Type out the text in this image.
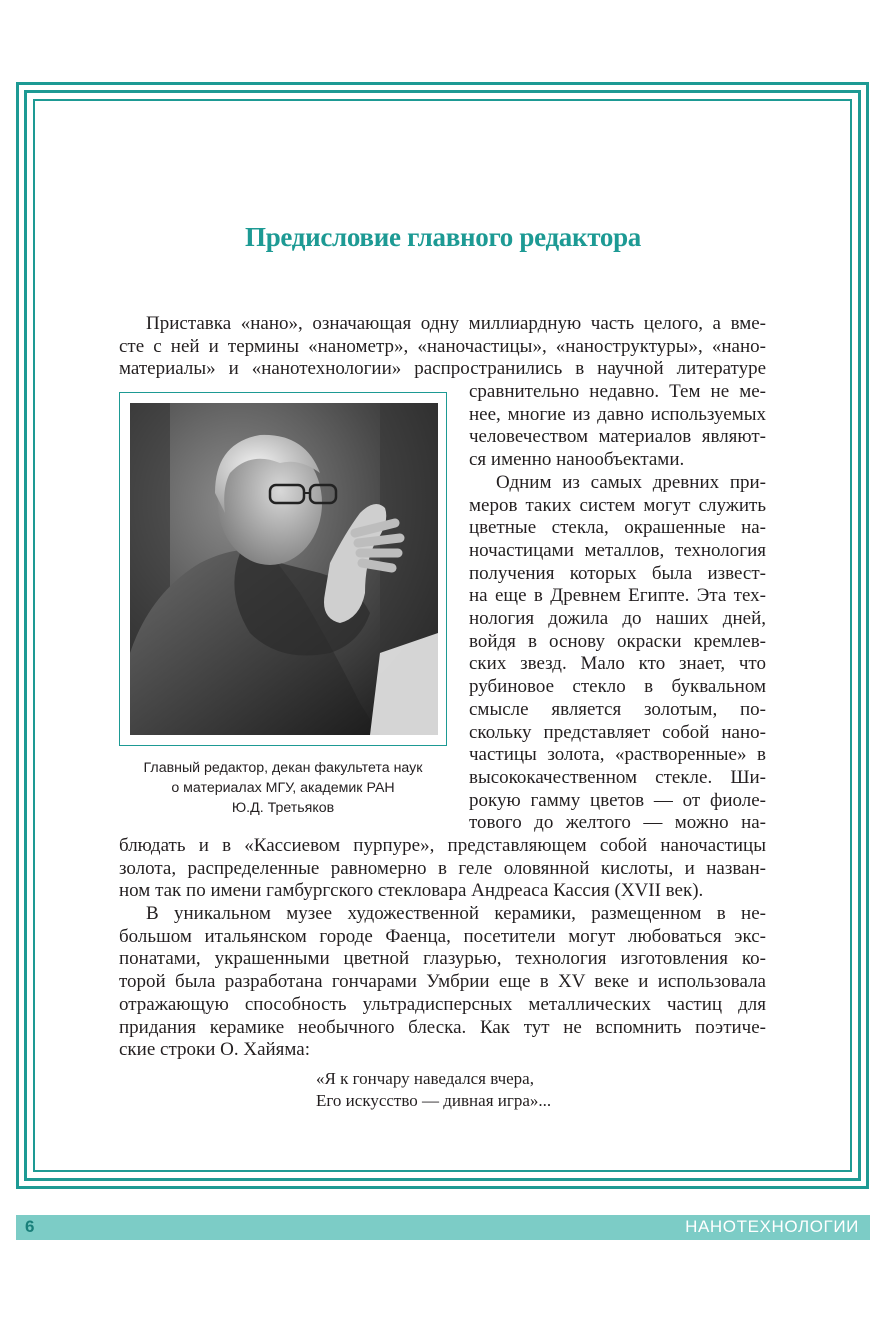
Предисловие главного редактора
Приставка «нано», означающая одну миллиардную часть целого, а вме-
сте с ней и термины «нанометр», «наночастицы», «наноструктуры», «нано-
материалы» и «нанотехнологии» распространились в научной литературе
сравнительно недавно. Тем не ме-
нее, многие из давно используемых
человечеством материалов являют-
ся именно нанообъектами.
Одним из самых древних при-
меров таких систем могут служить
цветные стекла, окрашенные на-
ночастицами металлов, технология
получения которых была извест-
на еще в Древнем Египте. Эта тех-
нология дожила до наших дней,
войдя в основу окраски кремлев-
ских звезд. Мало кто знает, что
рубиновое стекло в буквальном
смысле является золотым, по-
скольку представляет собой нано-
частицы золота, «растворенные» в
высококачественном стекле. Ши-
рокую гамму цветов — от фиоле-
тового до желтого — можно на-
Главный редактор, декан факультета наук
о материалах МГУ, академик РАН
Ю.Д. Третьяков
блюдать и в «Кассиевом пурпуре», представляющем собой наночастицы
золота, распределенные равномерно в геле оловянной кислоты, и назван-
ном так по имени гамбургского стекловара Андреаса Кассия (XVII век).
В уникальном музее художественной керамики, размещенном в не-
большом итальянском городе Фаенца, посетители могут любоваться экс-
понатами, украшенными цветной глазурью, технология изготовления ко-
торой была разработана гончарами Умбрии еще в XV веке и использовала
отражающую способность ультрадисперсных металлических частиц для
придания керамике необычного блеска. Как тут не вспомнить поэтиче-
ские строки О. Хайяма:
«Я к гончару наведался вчера,
Его искусство — дивная игра»...
6	НАНОТЕХНОЛОГИИ
